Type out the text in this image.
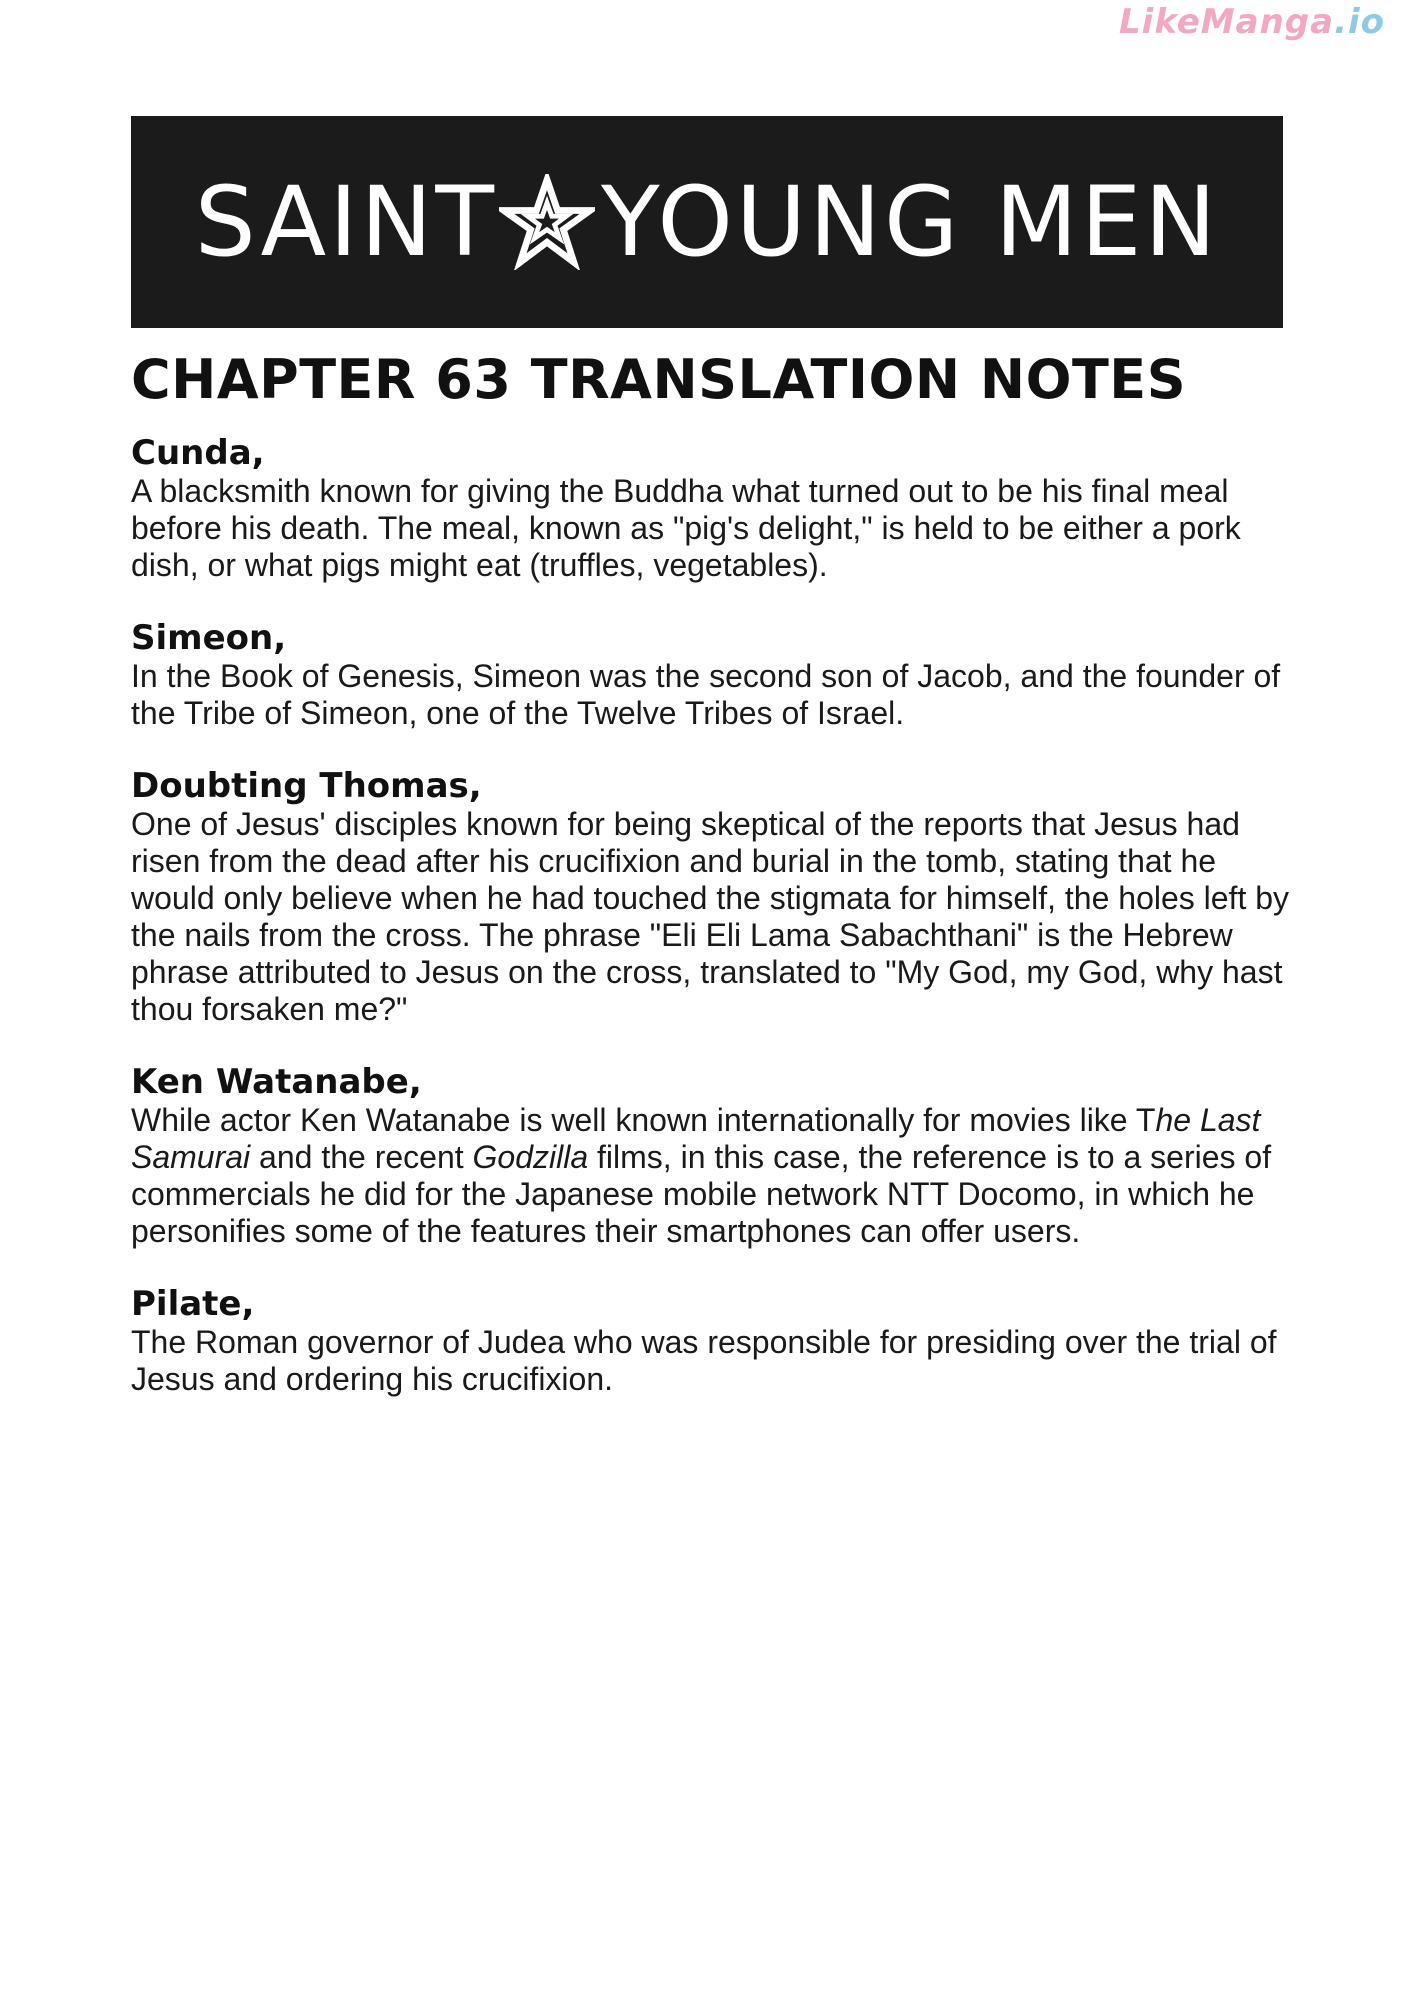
LikeManga.io
SAINT YOUNG MEN
CHAPTER 63 TRANSLATION NOTES

Cunda,

A blacksmith known for giving the Buddha what turned out to be his final meal before his death. The meal, known as "pig's delight," is held to be either a pork dish, or what pigs might eat (truffles, vegetables).

Simeon,

In the Book of Genesis, Simeon was the second son of Jacob, and the founder of the Tribe of Simeon, one of the Twelve Tribes of Israel.

Doubting Thomas,

One of Jesus' disciples known for being skeptical of the reports that Jesus had risen from the dead after his crucifixion and burial in the tomb, stating that he would only believe when he had touched the stigmata for himself, the holes left by the nails from the cross. The phrase "Eli Eli Lama Sabachthani" is the Hebrew phrase attributed to Jesus on the cross, translated to "My God, my God, why hast thou forsaken me?"

Ken Watanabe,

While actor Ken Watanabe is well known internationally for movies like The Last Samurai and the recent Godzilla films, in this case, the reference is to a series of commercials he did for the Japanese mobile network NTT Docomo, in which he personifies some of the features their smartphones can offer users.

Pilate,

The Roman governor of Judea who was responsible for presiding over the trial of Jesus and ordering his crucifixion.
